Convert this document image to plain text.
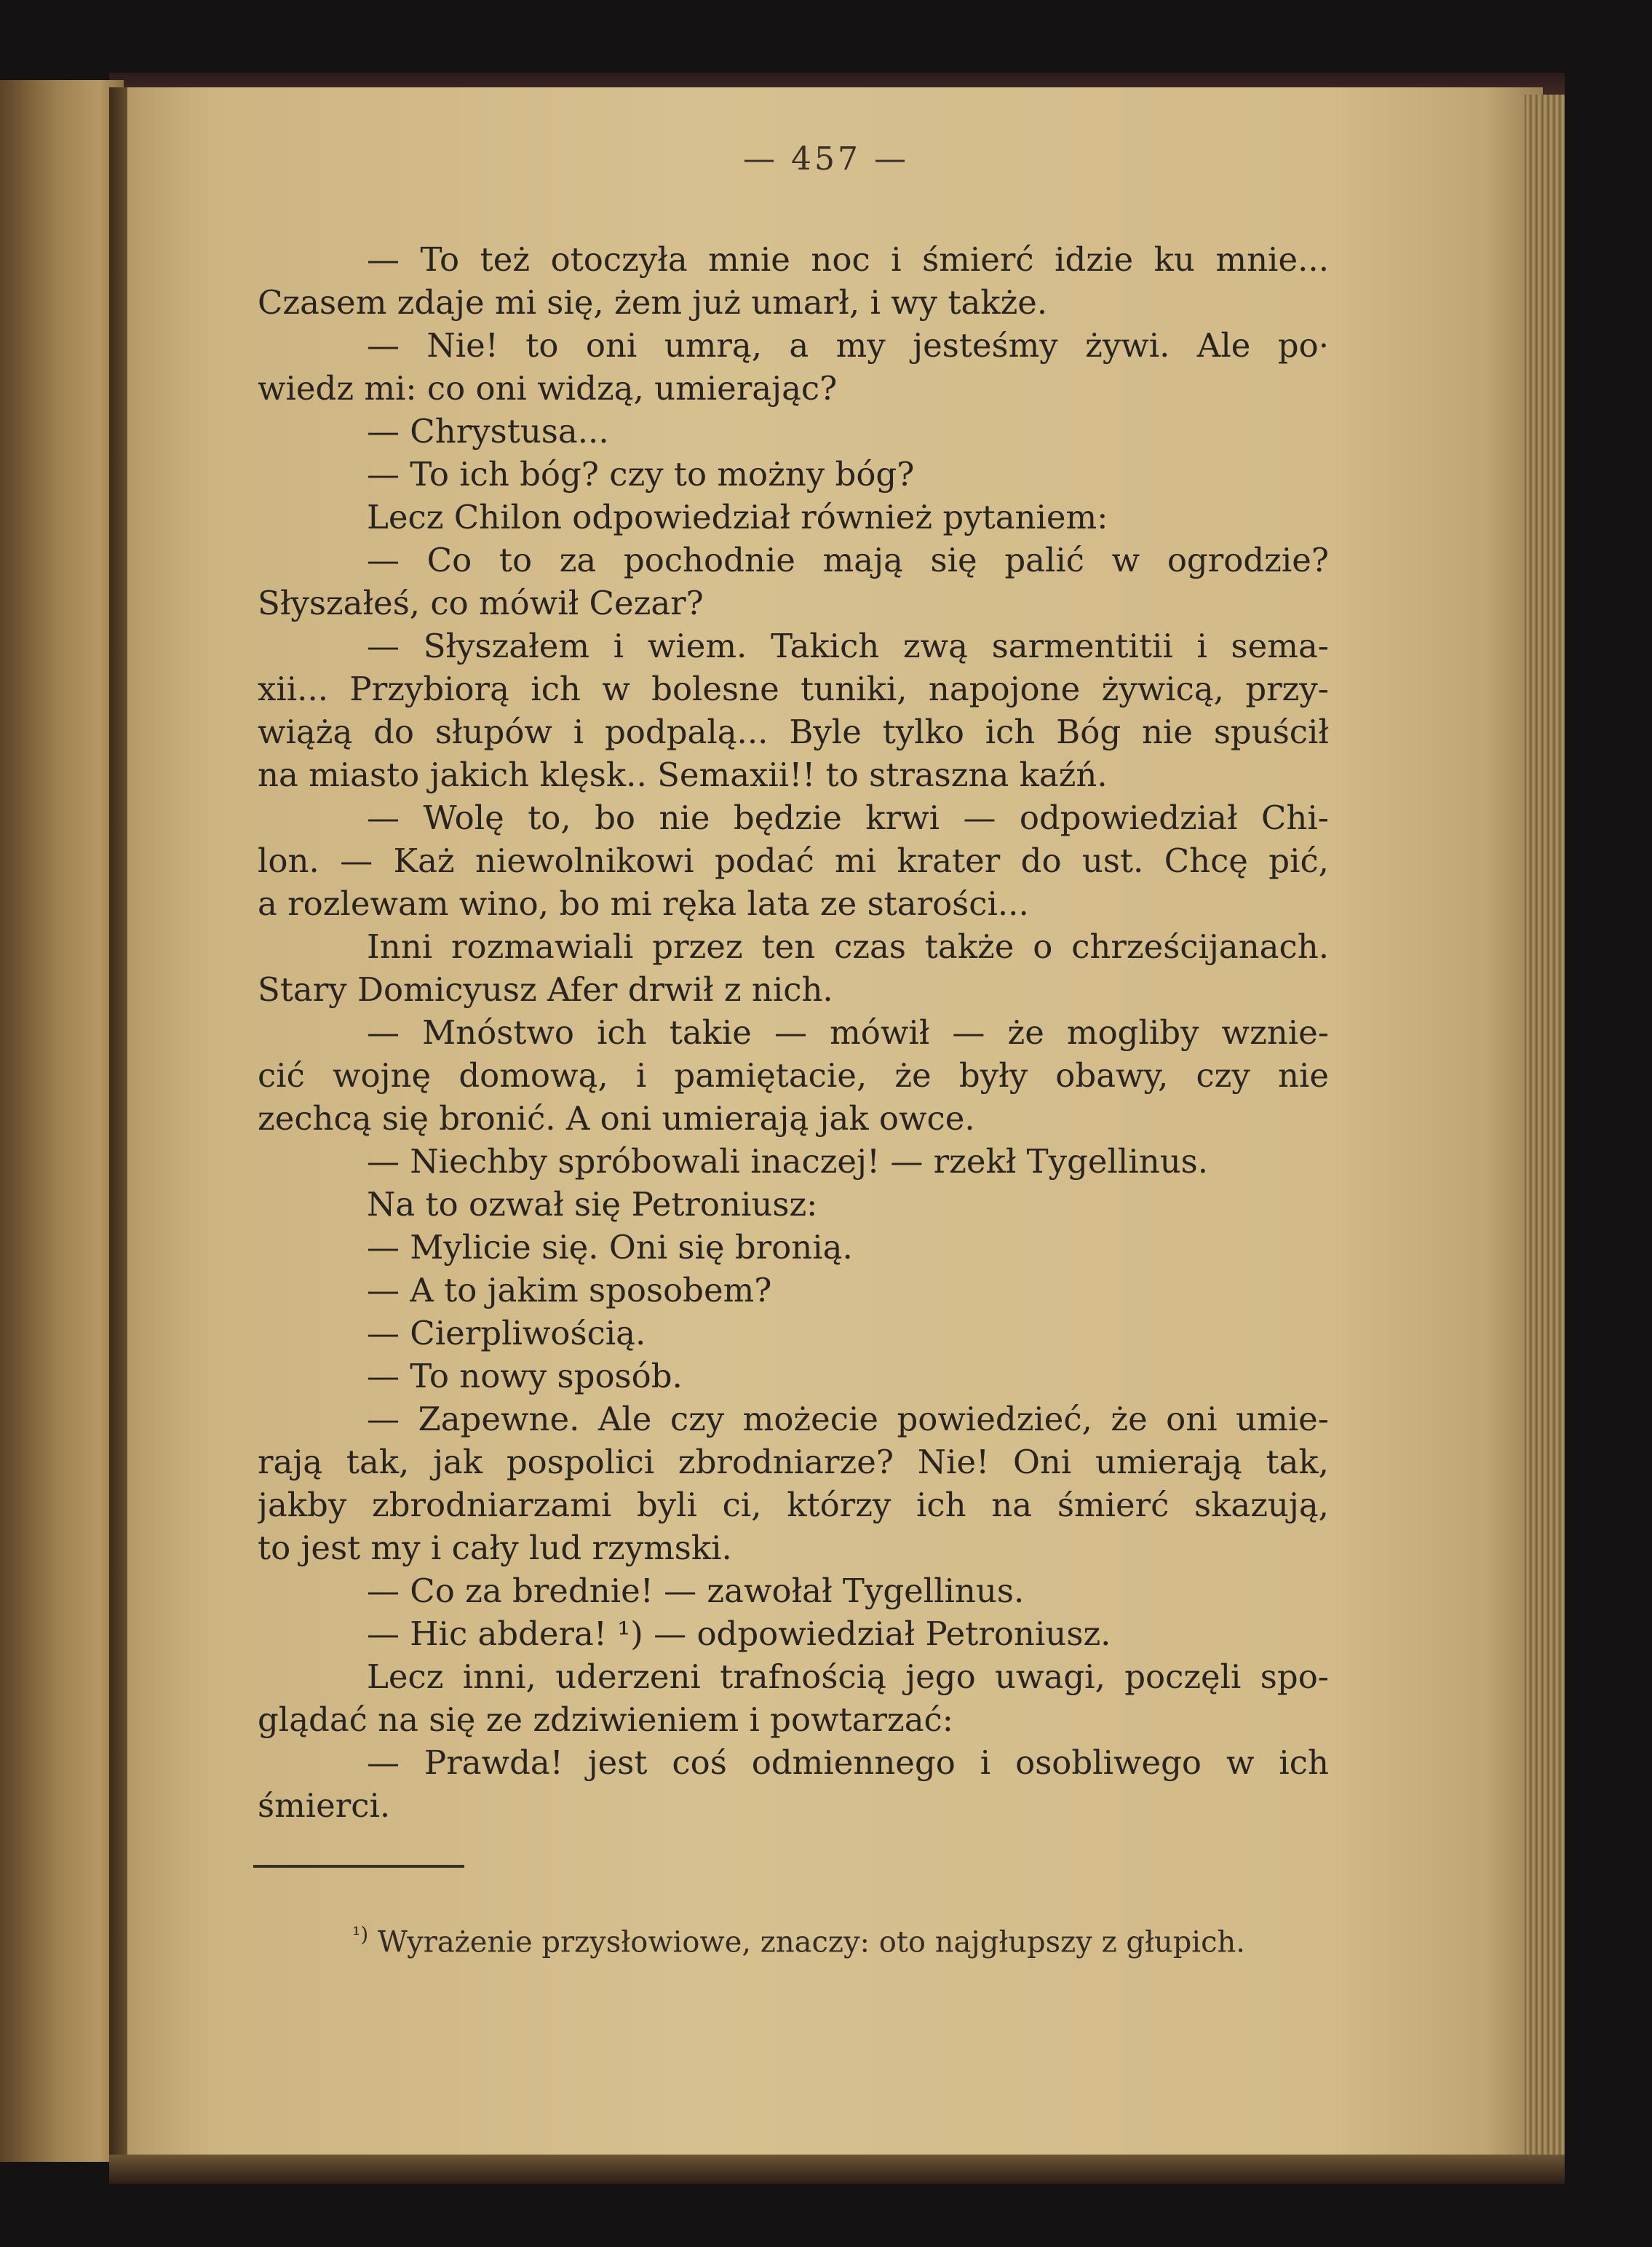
— 457 —
— To też otoczyła mnie noc i śmierć idzie ku mnie...
Czasem zdaje mi się, żem już umarł, i wy także.
— Nie! to oni umrą, a my jesteśmy żywi. Ale po·
wiedz mi: co oni widzą, umierając?
— Chrystusa...
— To ich bóg? czy to możny bóg?
Lecz Chilon odpowiedział również pytaniem:
— Co to za pochodnie mają się palić w ogrodzie?
Słyszałeś, co mówił Cezar?
— Słyszałem i wiem. Takich zwą sarmentitii i sema-
xii... Przybiorą ich w bolesne tuniki, napojone żywicą, przy-
wiążą do słupów i podpalą... Byle tylko ich Bóg nie spuścił
na miasto jakich klęsk.. Semaxii!! to straszna kaźń.
— Wolę to, bo nie będzie krwi — odpowiedział Chi-
lon. — Każ niewolnikowi podać mi krater do ust. Chcę pić,
a rozlewam wino, bo mi ręka lata ze starości...
Inni rozmawiali przez ten czas także o chrześcijanach.
Stary Domicyusz Afer drwił z nich.
— Mnóstwo ich takie — mówił — że mogliby wznie-
cić wojnę domową, i pamiętacie, że były obawy, czy nie
zechcą się bronić. A oni umierają jak owce.
— Niechby spróbowali inaczej! — rzekł Tygellinus.
Na to ozwał się Petroniusz:
— Mylicie się. Oni się bronią.
— A to jakim sposobem?
— Cierpliwością.
— To nowy sposób.
— Zapewne. Ale czy możecie powiedzieć, że oni umie-
rają tak, jak pospolici zbrodniarze? Nie! Oni umierają tak,
jakby zbrodniarzami byli ci, którzy ich na śmierć skazują,
to jest my i cały lud rzymski.
— Co za brednie! — zawołał Tygellinus.
— Hic abdera! ¹) — odpowiedział Petroniusz.
Lecz inni, uderzeni trafnością jego uwagi, poczęli spo-
glądać na się ze zdziwieniem i powtarzać:
— Prawda! jest coś odmiennego i osobliwego w ich
śmierci.
$^{^1)}$ Wyrażenie przysłowiowe, znaczy: oto najgłupszy z głupich.
